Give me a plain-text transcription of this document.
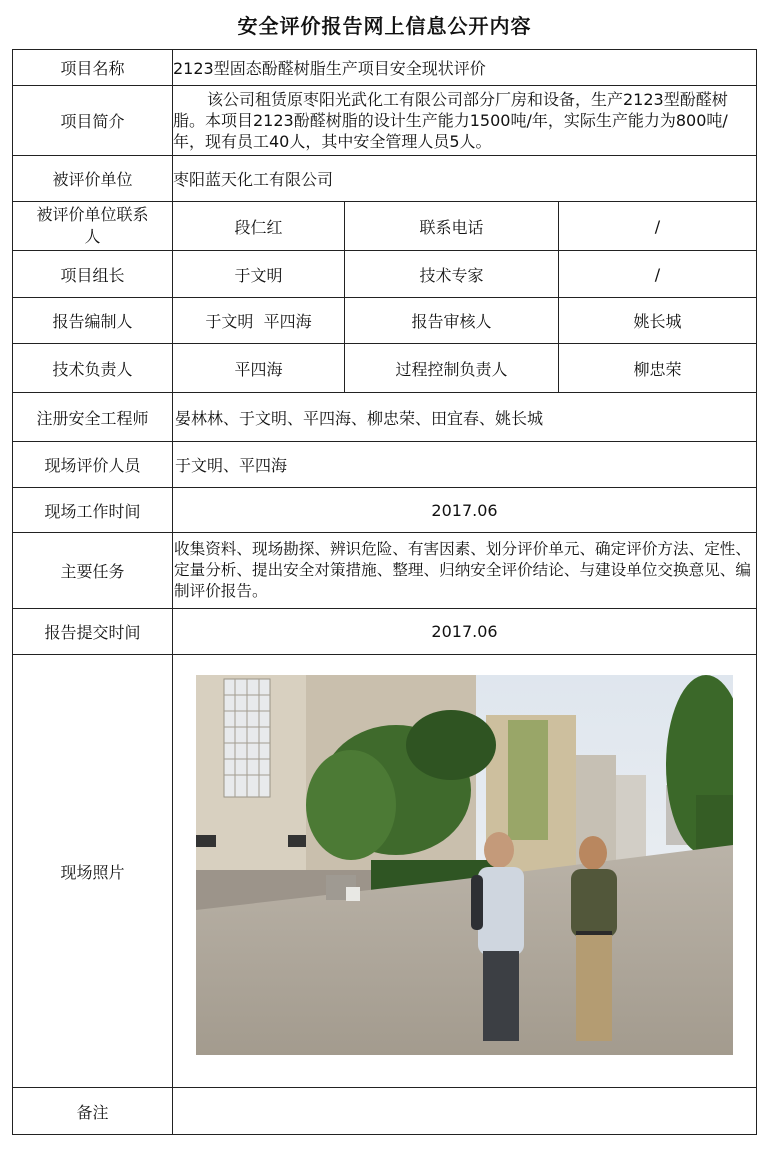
安全评价报告网上信息公开内容
项目名称	2123型固态酚醛树脂生产项目安全现状评价		
项目简介	该公司租赁原枣阳光武化工有限公司部分厂房和设备，生产2123型酚醛树脂。本项目2123酚醛树脂的设计生产能力1500吨/年，实际生产能力为800吨/年，现有员工40人，其中安全管理人员5人。		
被评价单位	枣阳蓝天化工有限公司		
被评价单位联系人	段仁红	联系电话	/
项目组长	于文明	技术专家	/
报告编制人	于文明  平四海	报告审核人	姚长城
技术负责人	平四海	过程控制负责人	柳忠荣
注册安全工程师	晏林林、于文明、平四海、柳忠荣、田宜春、姚长城		
现场评价人员	于文明、平四海		
现场工作时间	2017.06		
主要任务	收集资料、现场勘探、辨识危险、有害因素、划分评价单元、确定评价方法、定性、定量分析、提出安全对策措施、整理、归纳安全评价结论、与建设单位交换意见、编制评价报告。		
报告提交时间	2017.06		
现场照片	

备注			
